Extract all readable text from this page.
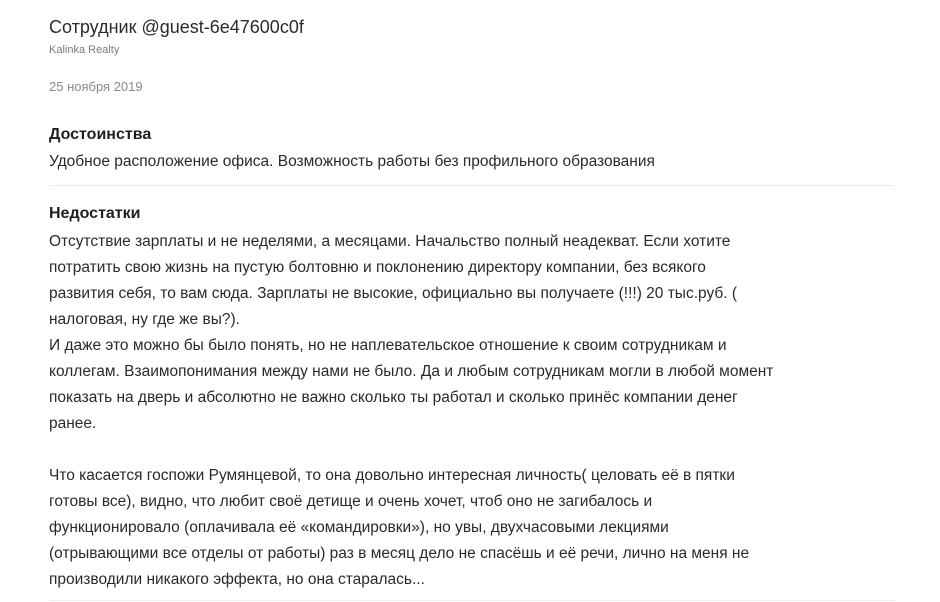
Сотрудник @guest-6e47600c0f
Kalinka Realty
25 ноября 2019
Достоинства
Удобное расположение офиса. Возможность работы без профильного образования
Недостатки
Отсутствие зарплаты и не неделями, а месяцами. Начальство полный неадекват. Если хотите
потратить свою жизнь на пустую болтовню и поклонению директору компании, без всякого
развития себя, то вам сюда. Зарплаты не высокие, официально вы получаете (!!!) 20 тыс.руб. (
налоговая, ну где же вы?).
И даже это можно бы было понять, но не наплевательское отношение к своим сотрудникам и
коллегам. Взаимопонимания между нами не было. Да и любым сотрудникам могли в любой момент
показать на дверь и абсолютно не важно сколько ты работал и сколько принёс компании денег
ранее.
Что касается госпожи Румянцевой, то она довольно интересная личность( целовать её в пятки
готовы все), видно, что любит своё детище и очень хочет, чтоб оно не загибалось и
функционировало (оплачивала её «командировки»), но увы, двухчасовыми лекциями
(отрывающими все отделы от работы) раз в месяц дело не спасёшь и её речи, лично на меня не
производили никакого эффекта, но она старалась...
